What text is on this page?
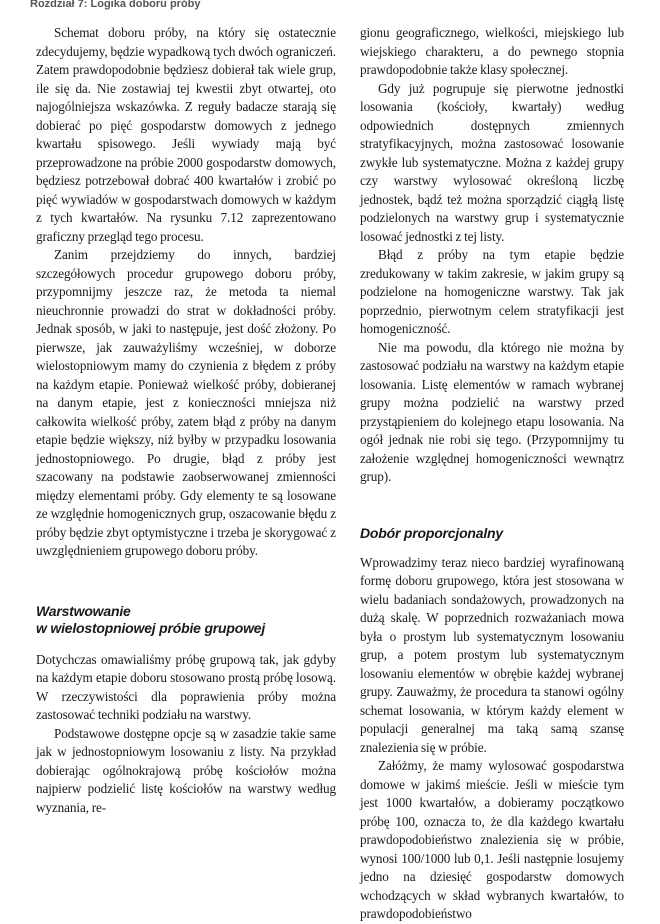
Rozdział 7: Logika doboru próby

Schemat doboru próby, na który się ostatecznie zdecydujemy, będzie wypadkową tych dwóch ograniczeń. Zatem prawdopodobnie będziesz dobierał tak wiele grup, ile się da. Nie zostawiaj tej kwestii zbyt otwartej, oto najogólniejsza wskazówka. Z reguły badacze starają się dobierać po pięć gospodarstw domowych z jednego kwartału spisowego. Jeśli wywiady mają być przeprowadzone na próbie 2000 gospodarstw domowych, będziesz potrzebował dobrać 400 kwartałów i zrobić po pięć wywiadów w gospodarstwach domowych w każdym z tych kwartałów. Na rysunku 7.12 zaprezentowano graficzny przegląd tego procesu.

Zanim przejdziemy do innych, bardziej szczegółowych procedur grupowego doboru próby, przypomnijmy jeszcze raz, że metoda ta niemal nieuchronnie prowadzi do strat w dokładności próby. Jednak sposób, w jaki to następuje, jest dość złożony. Po pierwsze, jak zauważyliśmy wcześniej, w doborze wielostopniowym mamy do czynienia z błędem z próby na każdym etapie. Ponieważ wielkość próby, dobieranej na danym etapie, jest z konieczności mniejsza niż całkowita wielkość próby, zatem błąd z próby na danym etapie będzie większy, niż byłby w przypadku losowania jednostopniowego. Po drugie, błąd z próby jest szacowany na podstawie zaobserwowanej zmienności między elementami próby. Gdy elementy te są losowane ze względnie homogenicznych grup, oszacowanie błędu z próby będzie zbyt optymistyczne i trzeba je skorygować z uwzględnieniem grupowego doboru próby.

Warstwowanie

w wielostopniowej próbie grupowej

Dotychczas omawialiśmy próbę grupową tak, jak gdyby na każdym etapie doboru stosowano prostą próbę losową. W rzeczywistości dla poprawienia próby można zastosować techniki podziału na warstwy.

Podstawowe dostępne opcje są w zasadzie takie same jak w jednostopniowym losowaniu z listy. Na przykład dobierając ogólnokrajową próbę kościołów można najpierw podzielić listę kościołów na warstwy według wyznania, re-

gionu geograficznego, wielkości, miejskiego lub wiejskiego charakteru, a do pewnego stopnia prawdopodobnie także klasy społecznej.

Gdy już pogrupuje się pierwotne jednostki losowania (kościoły, kwartały) według odpowiednich dostępnych zmiennych stratyfikacyjnych, można zastosować losowanie zwykłe lub systematyczne. Można z każdej grupy czy warstwy wylosować określoną liczbę jednostek, bądź też można sporządzić ciągłą listę podzielonych na warstwy grup i systematycznie losować jednostki z tej listy.

Błąd z próby na tym etapie będzie zredukowany w takim zakresie, w jakim grupy są podzielone na homogeniczne warstwy. Tak jak poprzednio, pierwotnym celem stratyfikacji jest homogeniczność.

Nie ma powodu, dla którego nie można by zastosować podziału na warstwy na każdym etapie losowania. Listę elementów w ramach wybranej grupy można podzielić na warstwy przed przystąpieniem do kolejnego etapu losowania. Na ogół jednak nie robi się tego. (Przypomnijmy tu założenie względnej homogeniczności wewnątrz grup).

Dobór proporcjonalny

Wprowadzimy teraz nieco bardziej wyrafinowaną formę doboru grupowego, która jest stosowana w wielu badaniach sondażowych, prowadzonych na dużą skalę. W poprzednich rozważaniach mowa była o prostym lub systematycznym losowaniu grup, a potem prostym lub systematycznym losowaniu elementów w obrębie każdej wybranej grupy. Zauważmy, że procedura ta stanowi ogólny schemat losowania, w którym każdy element w populacji generalnej ma taką samą szansę znalezienia się w próbie.

Załóżmy, że mamy wylosować gospodarstwa domowe w jakimś mieście. Jeśli w mieście tym jest 1000 kwartałów, a dobieramy początkowo próbę 100, oznacza to, że dla każdego kwartału prawdopodobieństwo znalezienia się w próbie, wynosi 100/1000 lub 0,1. Jeśli następnie losujemy jedno na dziesięć gospodarstw domowych wchodzących w skład wybranych kwartałów, to prawdopodobieństwo
